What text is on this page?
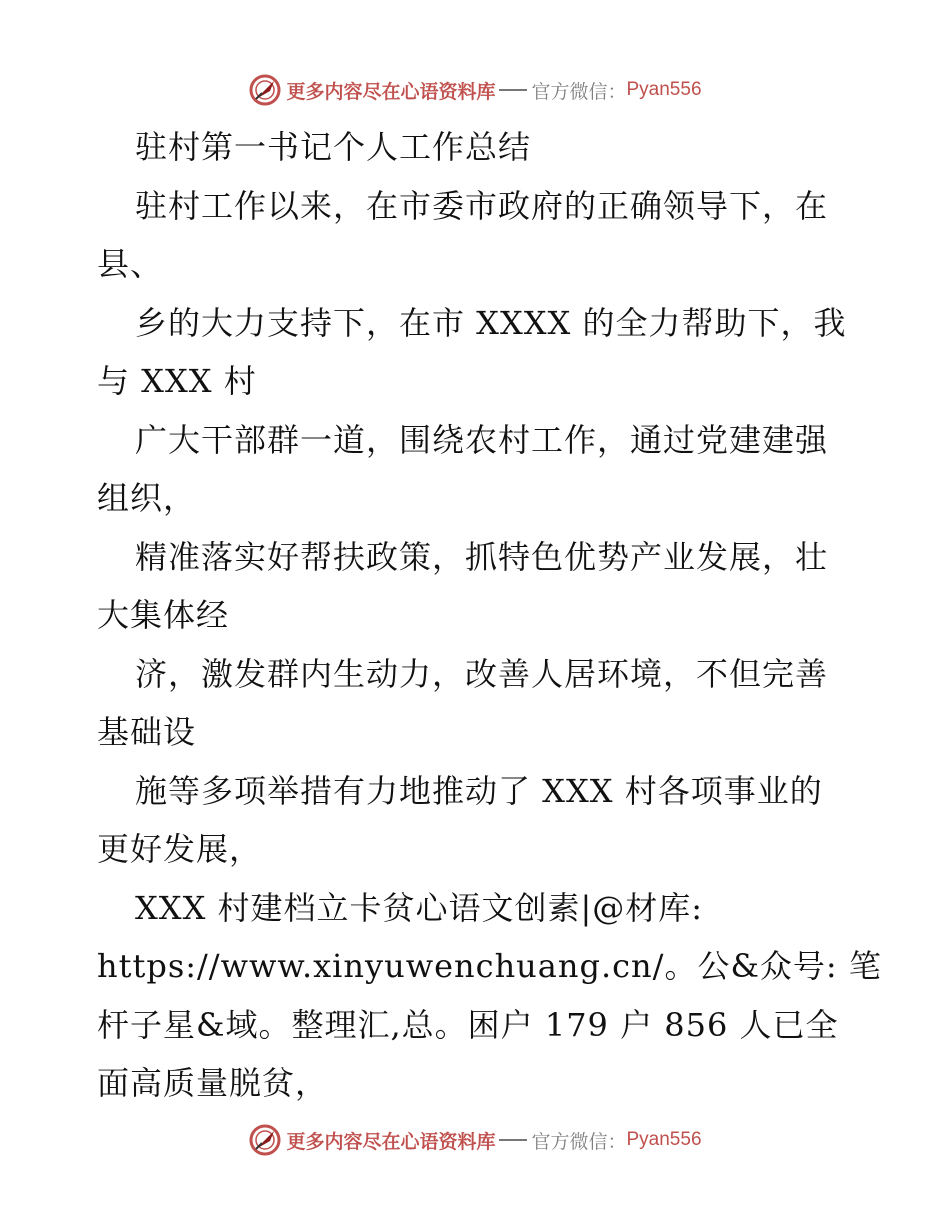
更多内容尽在心语资料库 官方微信： Pyan556
驻村第一书记个人工作总结
驻村工作以来，在市委市政府的正确领导下，在
县、
乡的大力支持下，在市 XXXX 的全力帮助下，我
与 XXX 村
广大干部群一道，围绕农村工作，通过党建建强
组织，
精准落实好帮扶政策，抓特色优势产业发展，壮
大集体经
济，激发群内生动力，改善人居环境，不但完善
基础设
施等多项举措有力地推动了 XXX 村各项事业的
更好发展，
XXX 村建档立卡贫心语文创素|@材库:
https://www.xinyuwenchuang.cn/。公&众号: 笔
杆子星&域。整理汇,总。困户 179 户 856 人已全
面高质量脱贫，
更多内容尽在心语资料库 官方微信： Pyan556
